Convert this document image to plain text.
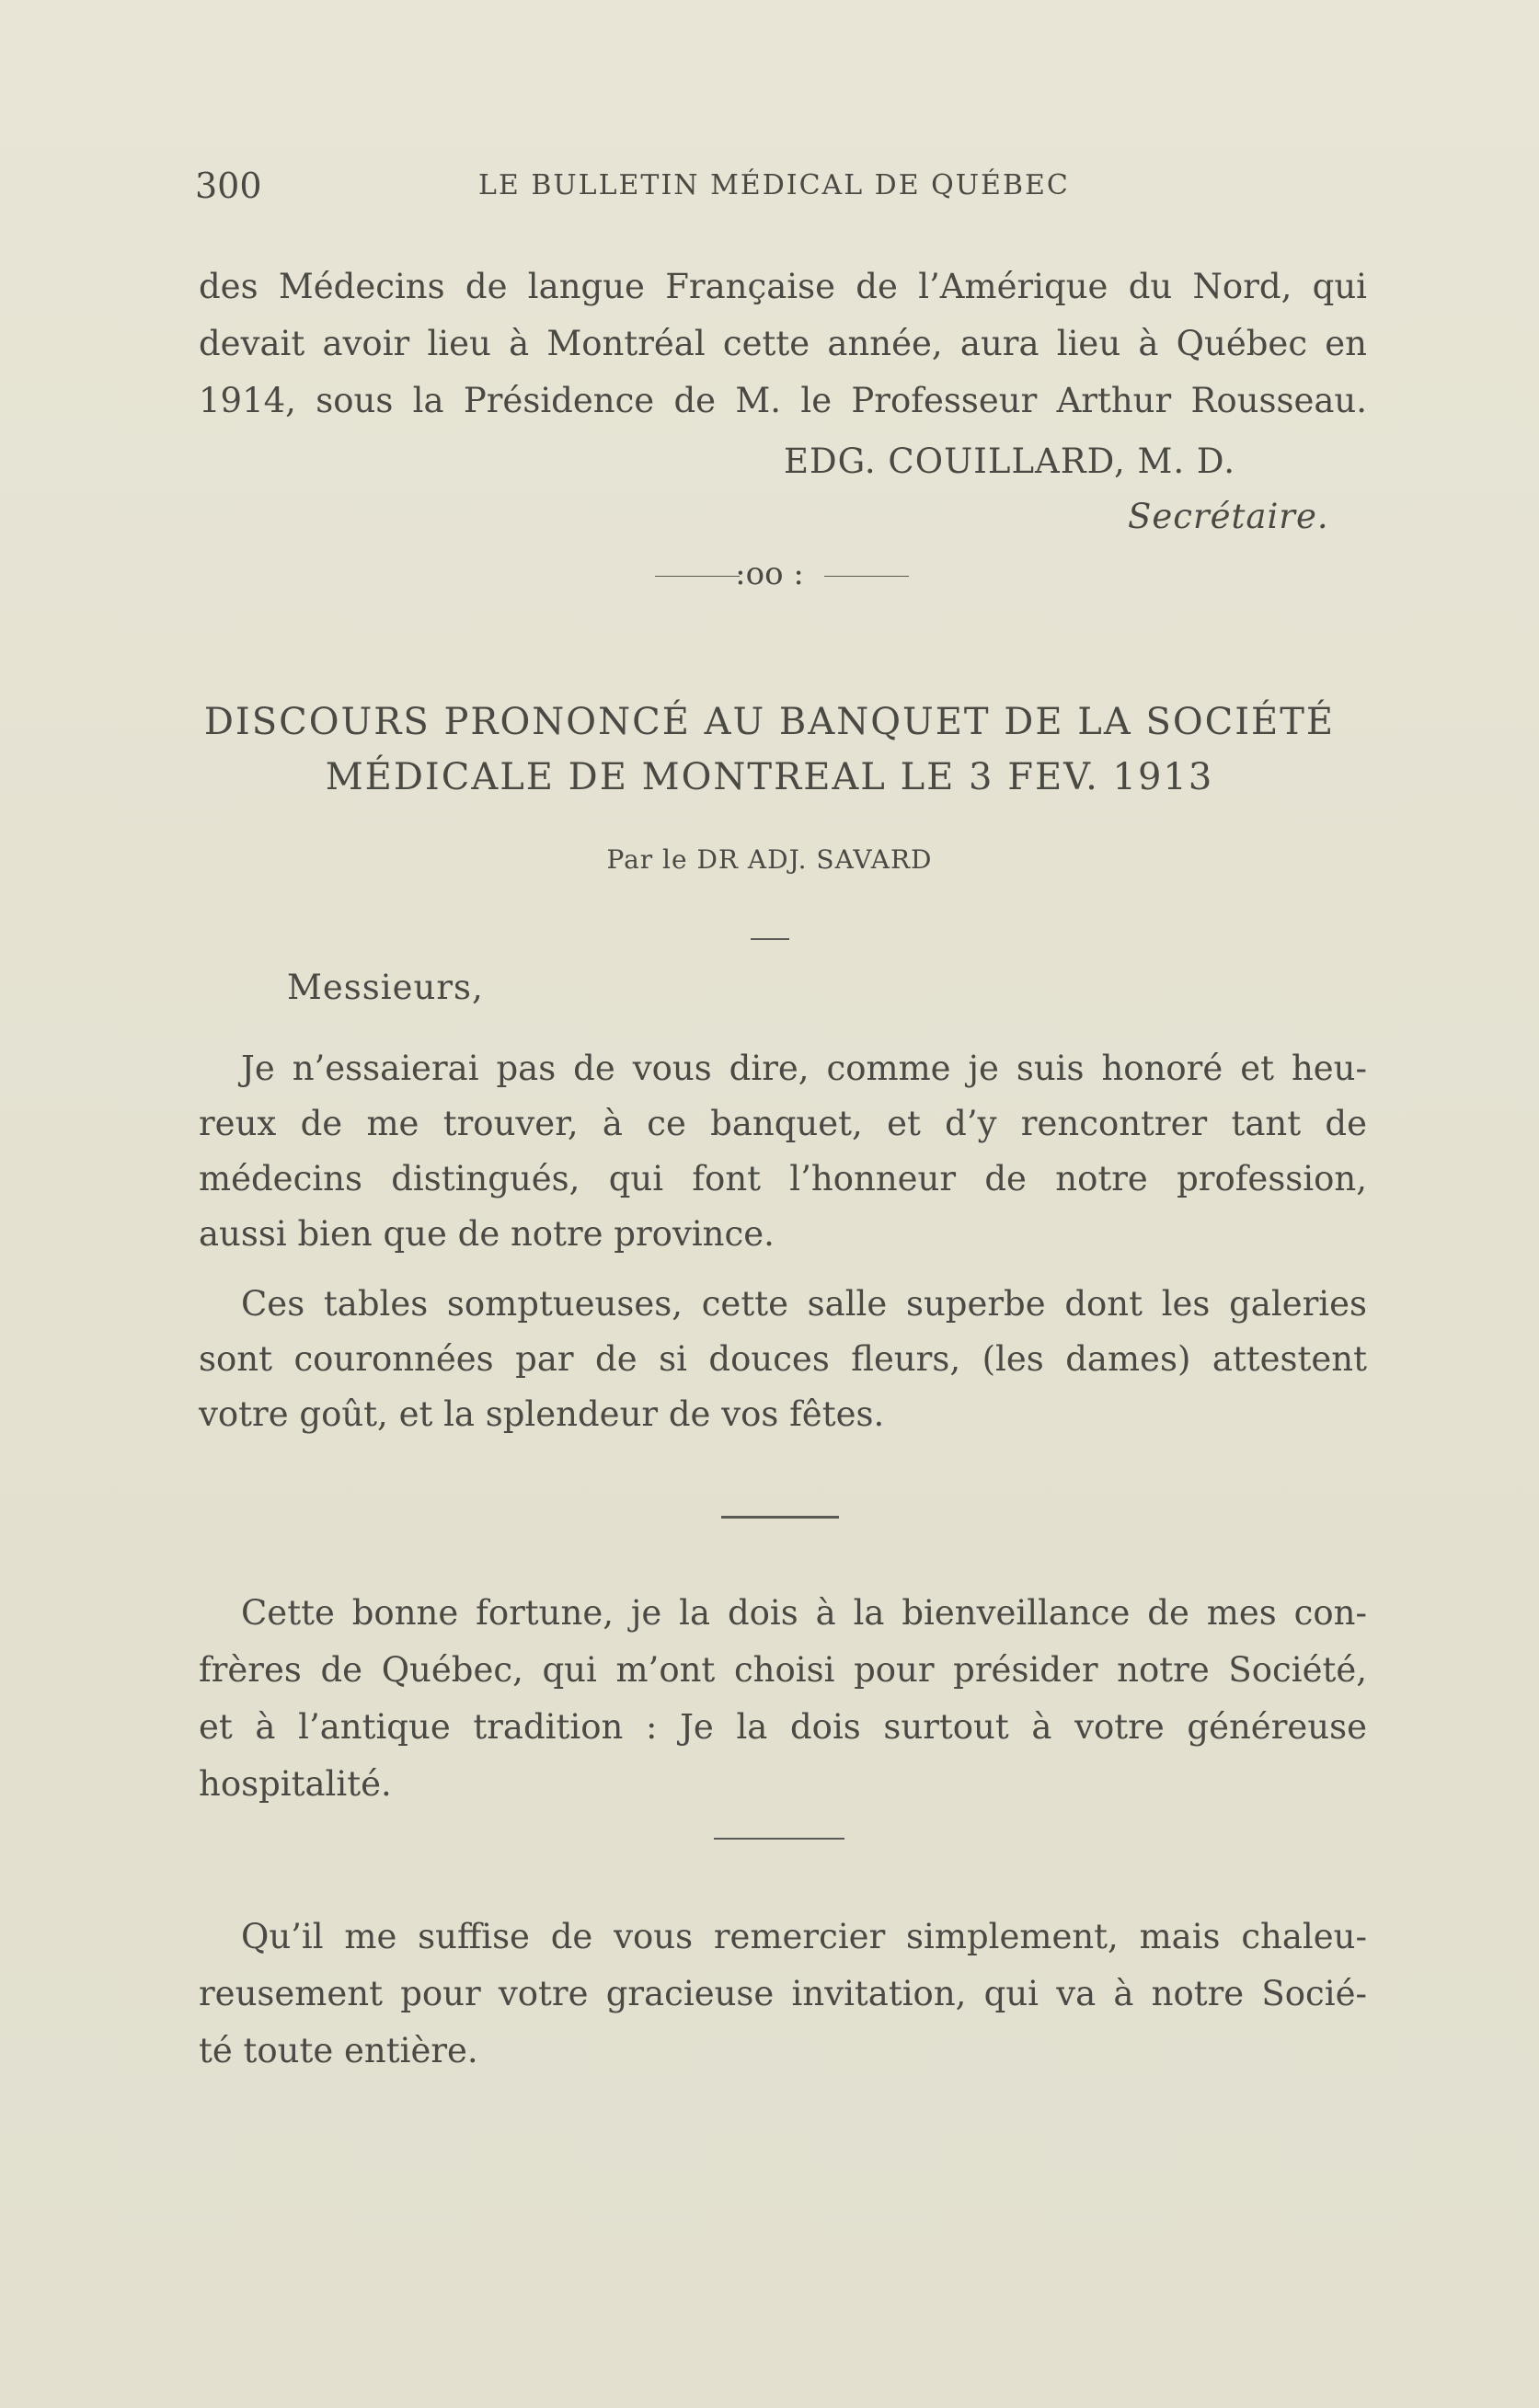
300	LE BULLETIN MÉDICAL DE QUÉBEC
des Médecins de langue Française de l’Amérique du Nord, qui
devait avoir lieu à Montréal cette année, aura lieu à Québec en
1914, sous la Présidence de M. le Professeur Arthur Rousseau.
EDG. COUILLARD, M. D.
Secrétaire.
:oo :
DISCOURS PRONONCÉ AU BANQUET DE LA SOCIÉTÉ
MÉDICALE DE MONTREAL LE 3 FEV. 1913
Par le DR ADJ. SAVARD
Messieurs,
Je n’essaierai pas de vous dire, comme je suis honoré et heu-
reux de me trouver, à ce banquet, et d’y rencontrer tant de
médecins distingués, qui font l’honneur de notre profession,
aussi bien que de notre province.
Ces tables somptueuses, cette salle superbe dont les galeries
sont couronnées par de si douces fleurs, (les dames) attestent
votre goût, et la splendeur de vos fêtes.
Cette bonne fortune, je la dois à la bienveillance de mes con-
frères de Québec, qui m’ont choisi pour présider notre Société,
et à l’antique tradition : Je la dois surtout à votre généreuse
hospitalité.
Qu’il me suffise de vous remercier simplement, mais chaleu-
reusement pour votre gracieuse invitation, qui va à notre Socié-
té toute entière.
